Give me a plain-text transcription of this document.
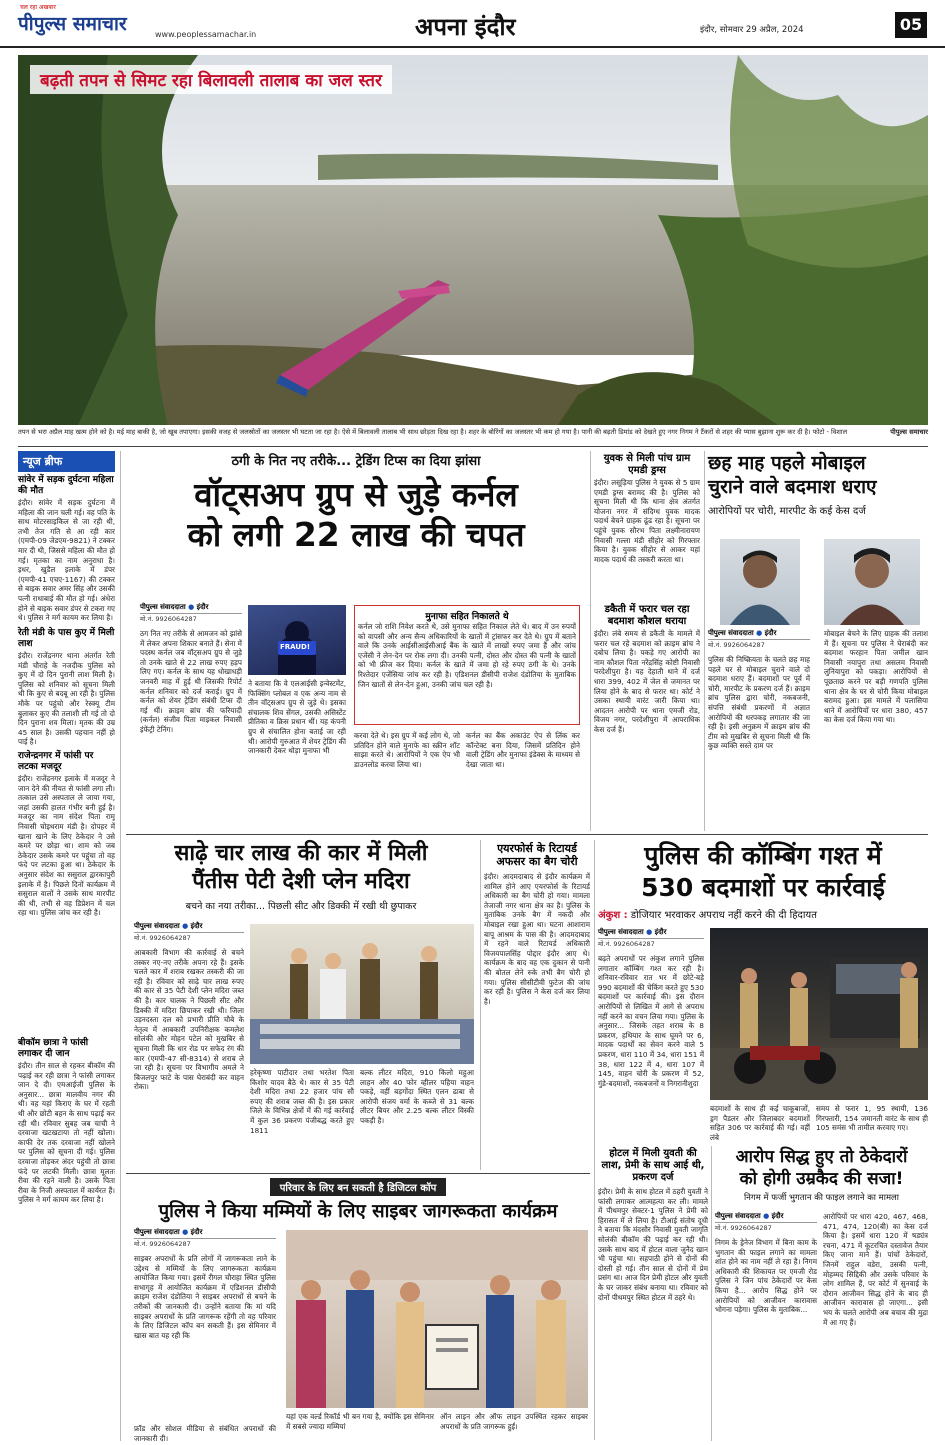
चल रहा अखबार
पीपुल्स समाचार	www.peoplessamachar.in	अपना इंदौर	इंदौर, सोमवार 29 अप्रैल, 2024	05
बढ़ती तपन से सिमट रहा बिलावली तालाब का जल स्तर
तपन से भरा अप्रैल माह खत्म होने को है। मई माह बाकी है, जो खूब तपाएगा। इसकी वजह से जलस्रोतों का जलस्तर भी घटता जा रहा है। ऐसे में बिलावली तालाब भी साथ छोड़ता दिख रहा है। शहर के बोरिंगों का जलस्तर भी कम हो गया है। पानी की बढ़ती डिमांड को देखते हुए नगर निगम ने टैंकरों से शहर की प्यास बुझाना शुरू कर दी है। फोटो - विशाल	पीपुल्स समाचार
न्यूज ब्रीफ
सांवेर में सड़क दुर्घटना महिला की मौत
इंदौर। सांवेर में सड़क दुर्घटना में महिला की जान चली गई। वह पति के साथ मोटरसाइकिल से जा रही थी, तभी तेज गति से आ रही कार (एमपी-09 जेडएम-9821) ने टक्कर मार दी थी, जिससे महिला की मौत हो गई। मृतका का नाम अनुराधा है। इधर, खुडैल इलाके में डंपर (एमपी-41 एचए-1167) की टक्कर से बाइक सवार अमर सिंह और उसकी पत्नी राधाबाई की मौत हो गई। अंधेरा होने से बाइक सवार डंपर से टकरा गए थे। पुलिस ने मर्ग कायम कर लिया है।
रेती मंडी के पास कुए में मिली लाश
इंदौर। राजेंद्रनगर थाना अंतर्गत रेती मंडी चौराहे के नजदीक पुलिस को कुए में दो दिन पुरानी लाश मिली है। पुलिस को शनिवार को सूचना मिली थी कि कुए से बदबू आ रही है। पुलिस मौके पर पहुंचो और रेस्क्यू टीम बुलाकर कुए की तलाशी ली गई तो दो दिन पुराना शव मिला। मृतक की उम्र 45 साल है। उसकी पहचान नहीं हो पाई है।
राजेन्द्रनगर में फांसी पर लटका मजदूर
इंदौर। राजेंद्रनगर इलाके में मजदूर ने जान देने की नीयत से फांसी लगा ली। तत्काल उसे अस्पताल ले जाया गया, जहां उसकी हालत गंभीर बनी हुई है। मजदूर का नाम संदेश पिता रामू निवासी चोइथराम मंडी है। दोपहर में खाना खाने के लिए ठेकेदार ने उसे कमरे पर छोड़ा था। शाम को जब ठेकेदार उसके कमरे पर पहुंचा तो वह फंदे पर लटका हुआ था। ठेकेदार के अनुसार संदेश का ससुराल द्वारकापुरी इलाके में है। पिछले दिनों कार्यक्रम में ससुराल वालों ने उसके साथ मारपीट की थी, तभी से वह डिप्रेशन में चल रहा था। पुलिस जांच कर रही है।
बीकॉम छात्रा ने फांसी लगाकर दी जान
इंदौर। तीन साल से रहकर बीकॉम की पढ़ाई कर रही छात्रा ने फांसी लगाकर जान दे दी। एमआईजी पुलिस के अनुसार... छात्रा मालवीय नगर की थी। वह यहां किराए के घर में रहती थी और छोटी बहन के साथ पढ़ाई कर रही थी। रविवार सुबह जब चाची ने दरवाजा खटखटाया तो नहीं खोला। काफी देर तक दरवाजा नहीं खोलने पर पुलिस को सूचना दी गई। पुलिस दरवाजा तोड़कर अंदर पहुंची तो छात्रा फंदे पर लटकी मिली। छात्रा मूलतः रीवा की रहने वाली है। उसके पिता रीवा के निजी अस्पताल में कार्यरत हैं। पुलिस ने मर्ग कायम कर लिया है।
ठगी के नित नए तरीके... ट्रेडिंग टिप्स का दिया झांसा
वॉट्सअप ग्रुप से जुड़े कर्नल
को लगी 22 लाख की चपत
पीपुल्स संवाददाता ● इंदौर
मो.नं. 9926064287
ठग नित नए तरीके से आमजन को झांसे में लेकर अपना शिकार बनाते हैं। सेना में पदस्थ कर्नल जब वॉट्सअप ग्रुप से जुड़े तो उनके खाते से 22 लाख रुपए हड़प लिए गए। कर्नल के साथ यह धोखाधड़ी जनवरी माह में हुई थी जिसकी रिपोर्ट कर्नल शनिवार को दर्ज कराई। ग्रुप में कर्नल को शेयर ट्रेडिंग संबंधी टिप्स दी गई थीं। क्राइम ब्रांच की फरियादी (कर्नल) संजीव पिता माइकल निवासी इंफेंट्री टेनिंग।
FRAUD!
ने बताया कि वे एलआईसी इन्वेस्टमेंट, फिक्सिंग प्लोबल व एक अन्य नाम से तीन वॉट्सअप ग्रुप से जुड़े थे। इसका संचालक शिव सेंगल, उसकी असिस्टेंट प्रीतिका व क्रिस प्रधान थीं। यह कंपनी ग्रुप से संचालित होना बताई जा रही थी। आरोपी गुरुआत में शेयर ट्रेडिंग की जानकारी देकर थोड़ा मुनाफा भी
मुनाफा सहित निकालते थे
कर्नल जो राशि निवेश करते थे, उसे मुनाफा सहित निकाल लेते थे। बाद में उन रुपयों को वापसी और अन्य सैन्य अधिकारियों के खातों में ट्रांसफर कर देते थे। ग्रुप में बताने वाले कि उनके आईसीआईसीआई बैंक के खाते में लाखों रुपए जमा हैं और जांच एजेंसी ने लेन-देन पर रोक लगा दी। उनकी पत्नी, दोस्त और दोस्त की पत्नी के खातों को भी फ्रीज कर दिया। कर्नल के खाते में जमा हो रहे रुपए ठगी के थे। उनके रिश्तेदार एजेंसिया जांच कर रही है। एडिशनल डीसीपी राजेश दंडोतिया के मुताबिक जिन खातों से लेन-देन हुआ, उनकी जांच चल रही है।
करवा देते थे। इस ग्रुप में कई लोग थे, जो प्रतिदिन होने वाले मुनाफे का स्क्रीन शॉट साझा करते थे। आरोपियों ने एक ऐप भी डाउनलोड करवा लिया था।
कर्नल का बैंक अकाउंट ऐप से लिंक कर कॉन्टेक्ट बना दिया, जिसमें प्रतिदिन होने वाली ट्रेडिंग और मुनाफा इंडेक्स के माध्यम से देखा जाता था।
युवक से मिली पांच ग्राम एमडी ड्रग्स
इंदौर। लसूड़िया पुलिस ने युवक से 5 ग्राम एमडी ड्रग्स बरामद की है। पुलिस को सूचना मिली थी कि थाना क्षेत्र अंतर्गत योजना नगर में संदिग्ध युवक मादक पदार्थ बेचने ग्राहक ढूंढ रहा है। सूचना पर पहुंचे युवक सौरभ पिता लक्ष्मीनारायण निवासी गल्ला मंडी सीहोर को गिरफ्तार किया है। युवक सीहोर से आकर यहां मादक पदार्थ की तस्करी करता था।
डकैती में फरार चल रहा बदमाश कौशल धराया
इंदौर। लंबे समय से डकैती के मामले में फरार चल रहे बदमाश को क्राइम ब्रांच ने दबोच लिया है। पकड़े गए आरोपी का नाम कौशल पिता नरेंद्रसिंह कोष्टी निवासी परदेशीपुरा है। यह देहाती थाने में दर्ज धारा 399, 402 में जेल से जमानत पर लिया होने के बाद से फरार था। कोर्ट ने उसका स्थायी वारंट जारी किया था। आदतन आरोपी पर थाना एमजी रोड, विजय नगर, परदेशीपुरा में आपराधिक केस दर्ज हैं।
छह माह पहले मोबाइल
चुराने वाले बदमाश धराए
आरोपियों पर चोरी, मारपीट के कई केस दर्ज
पीपुल्स संवाददाता ● इंदौर
मो.नं. 9926064287
पुलिस की निष्क्रियता के चलते छह माह पहले घर से मोबाइल चुराने वाले दो बदमाश धराए हैं। बदमाशों पर पूर्व में चोरी, मारपीट के प्रकरण दर्ज हैं। क्राइम ब्रांच पुलिस द्वारा चोरी, नकबजनी, संपत्ति संबंधी प्रकरणों में अज्ञात आरोपियों की धरपकड़ लगातार की जा रही है। इसी अनुक्रम में क्राइम ब्रांच की टीम को मुखबिर से सूचना मिली थी कि कुछ व्यक्ति सस्ते दाम पर
मोबाइल बेचने के लिए ग्राहक की तलाश में हैं। सूचना पर पुलिस ने घेराबंदी कर बदमाश फरहान पिता जमील खान निवासी नयापुरा तथा असलम निवासी लुनियापुरा को पकड़ा। आरोपियों से पूछताछ करने पर बड़ी गणपति पुलिस थाना क्षेत्र के घर से चोरी किया मोबाइल बरामद हुआ। इस मामले में पलासिया थाने में आरोपियों पर धारा 380, 457 का केस दर्ज किया गया था।
साढ़े चार लाख की कार में मिली
पैंतीस पेटी देशी प्लेन मदिरा
बचने का नया तरीका... पिछली सीट और डिक्की में रखी थी छुपाकर
पीपुल्स संवाददाता ● इंदौर
मो.नं. 9926064287
आबकारी विभाग की कार्रवाई से बचने तस्कर नए-नए तरीके अपना रहे हैं। इसके चलते कार में शराब रखकर तस्करी की जा रही है। रविवार को साढ़े चार लाख रुपए की कार से 35 पेटी देशी प्लेन मदिरा जब्त की है। कार चालक ने पिछली सीट और डिक्की में मदिरा छिपाकर रखी थी। जिला उड़नदस्ता दल को प्रभारी प्रीति चौबे के नेतृत्व में आबकारी उपनिरीक्षक कमलेश सोलंकी और मोहन पटेल को मुखबिर से सूचना मिली कि धार रोड पर सफेद रंग की कार (एमपी-47 सी-8314) से शराब ले जा रही है। सूचना पर विभागीय अमले ने बिजलपुर फाटे के पास घेराबंदी कर वाहन रोका।
हरेकृष्णा पाटीदार तथा भरतेश पिता किशोर यादव बैठे थे। कार से 35 पेटी देशी मदिरा तथा 22 हजार पांच सौ रुपए की शराब जब्त की है। इस प्रकार जिले के विभिन्न क्षेत्रों में की गई कार्रवाई में कुल 36 प्रकरण पंजीबद्ध करते हुए 1811
बल्क लीटर मदिरा, 910 किलो महुआ लाहन और 40 फोर व्हीलर पहिया वाहन पकड़े, वहीं बड़गोंदा स्थित एलन ढाबा से आरोपी संजय वर्मा के कब्जे से 31 बल्क लीटर बियर और 2.25 बल्क लीटर विस्की पकड़ी है।
एयरफोर्स के रिटायर्ड अफसर का बैग चोरी
इंदौर। आदमदाबाद से इंदौर कार्यक्रम में शामिल होने आए एयरफोर्स के रिटायर्ड अधिकारी का बैग चोरी हो गया। मामला तेजाजी नगर थाना क्षेत्र का है। पुलिस के मुताबिक उनके बैग में नकदी और मोबाइल रखा हुआ था। घटना आशाराम बापू आश्रम के पास की है। आदमदाबाद में रहने वाले रिटायर्ड अधिकारी विजयपालसिंह पोद्दार इंदौर आए थे। कार्यक्रम के बाद वह एक दुकान से पानी की बोतल लेने रुके तभी बैग चोरी हो गया। पुलिस सीसीटीवी फुटेज की जांच कर रही है। पुलिस ने केस दर्ज कर लिया है।
पुलिस की कॉम्बिंग गश्त में
530 बदमाशों पर कार्रवाई
अंकुश : डोजियार भरवाकर अपराध नहीं करने की दी हिदायत
पीपुल्स संवाददाता ● इंदौर
मो.नं. 9926064287
बढ़ते अपराधों पर अंकुश लगाने पुलिस लगातार कॉम्बिंग गश्त कर रही है। शनिवार-रविवार रात भर में छोटे-बड़े 990 बदमाशों की चेकिंग करते हुए 530 बदमाशों पर कार्रवाई की। इस दौरान आरोपियों से लिखित में आगे से अपराध नहीं करने का वचन लिया गया। पुलिस के अनुसार... जिसके तहत शराब के 8 प्रकरण, हथियार के साथ घूमने पर 6, मादक पदार्थों का सेवन करने वाले 5 प्रकरण, धारा 110 में 34, धारा 151 में 38, धारा 122 में 4, धारा 107 में 145, वाहन चोरी के प्रकरण में 52, गुंडे-बदमाशों, नकबजनों व निगरानीशुदा
बदमाशों के साथ ही कई चाकूबाजों, ड्रग पैडलर और जिलाबदर बदमाशों सहित 306 पर कार्रवाई की गई। वहीं लंबे
समय से फरार 1, 95 स्थायी, 136 गिरफ्तारी, 154 जमानती वारंट के साथ ही 105 समंस भी तामील करवाए गए।
परिवार के लिए बन सकती है डिजिटल कॉप
पुलिस ने किया मम्मियों के लिए साइबर जागरूकता कार्यक्रम
पीपुल्स संवाददाता ● इंदौर
मो.नं. 9926064287
साइबर अपराधों के प्रति लोगों में जागरूकता लाने के उद्देश्य से मम्मियों के लिए जागरूकता कार्यक्रम आयोजित किया गया। इसमें रीगल चौराहा स्थित पुलिस सभागृह में आयोजित कार्यक्रम में एडिशनल डीसीपी क्राइम राजेश दंडोतिया ने साइबर अपराधों से बचने के तरीकों की जानकारी दी। उन्होंने बताया कि मां यदि साइबर अपराधों के प्रति जागरूक रहेंगी तो वह परिवार के लिए डिजिटल कॉप बन सकती हैं। इस सेमिनार में खास बात यह रही कि
फ्रॉड और सोशल मीडिया से संबंधित अपराधों की जानकारी दी।
यहां एक वर्ल्ड रिकॉर्ड भी बन गया है, क्योंकि इस सेमिनार में सबसे ज्यादा मम्मियां
ऑन लाइन और ऑफ लाइन उपस्थित रहकर साइबर अपराधों के प्रति जागरूक हुईं।
होटल में मिली युवती की लाश, प्रेमी के साथ आई थी, प्रकरण दर्ज
इंदौर। प्रेमी के साथ होटल में ठहरी युवती ने फांसी लगाकर आत्महत्या कर ली। मामले में पीथमपुर सेक्टर-1 पुलिस ने प्रेमी को हिरासत में ले लिया है। टीआई संतोष दूधी ने बताया कि मंदसौर निवासी युवती जागृति सोलंकी बीकॉम की पढ़ाई कर रही थी। उसके साथ बाद में होटल वाला जुनैद खान भी पहुंचा था। सहपाठी होने से दोनों की दोस्ती हो गई। तीन साल से दोनों में प्रेम प्रसंग था। आज दिन प्रेमी होटल और युवती के घर जाकर संबंध बनाया था। रविवार को दोनों पीथमपुर स्थित होटल में ठहरे थे।
आरोप सिद्ध हुए तो ठेकेदारों
को होगी उम्रकैद की सजा!
निगम में फर्जी भुगतान की फाइल लगाने का मामला
पीपुल्स संवाददाता ● इंदौर
मो.नं. 9926064287
निगम के ड्रेनेज विभाग में बिना काम के भुगतान की फाइल लगाने का मामला शांत होने का नाम नहीं ले रहा है। निगम अधिकारी की शिकायत पर एमजी रोड पुलिस ने जिन पांच ठेकेदारों पर केस किया है... आरोप सिद्ध होने पर आरोपियों को आजीवन कारावास भोगना पड़ेगा। पुलिस के मुताबिक...
आरोपियों पर धारा 420, 467, 468, 471, 474, 120(बी) का केस दर्ज किया है। इसमें धारा 120 में षड्यंत्र रचना, 471 में कूटरचित दस्तावेज तैयार किए जाना माने हैं। पांचों ठेकेदारों, जिनमें राहुल वडेरा, उसकी पत्नी, मोहम्मद सिद्दिकी और उसके परिवार के लोग शामिल हैं, पर कोर्ट में सुनवाई के दौरान आजीवन सिद्ध होने के बाद ही आजीवन कारावास हो जाएगा... इसी भय के चलते आरोपी अब बचाव की मुद्रा में आ गए हैं।
